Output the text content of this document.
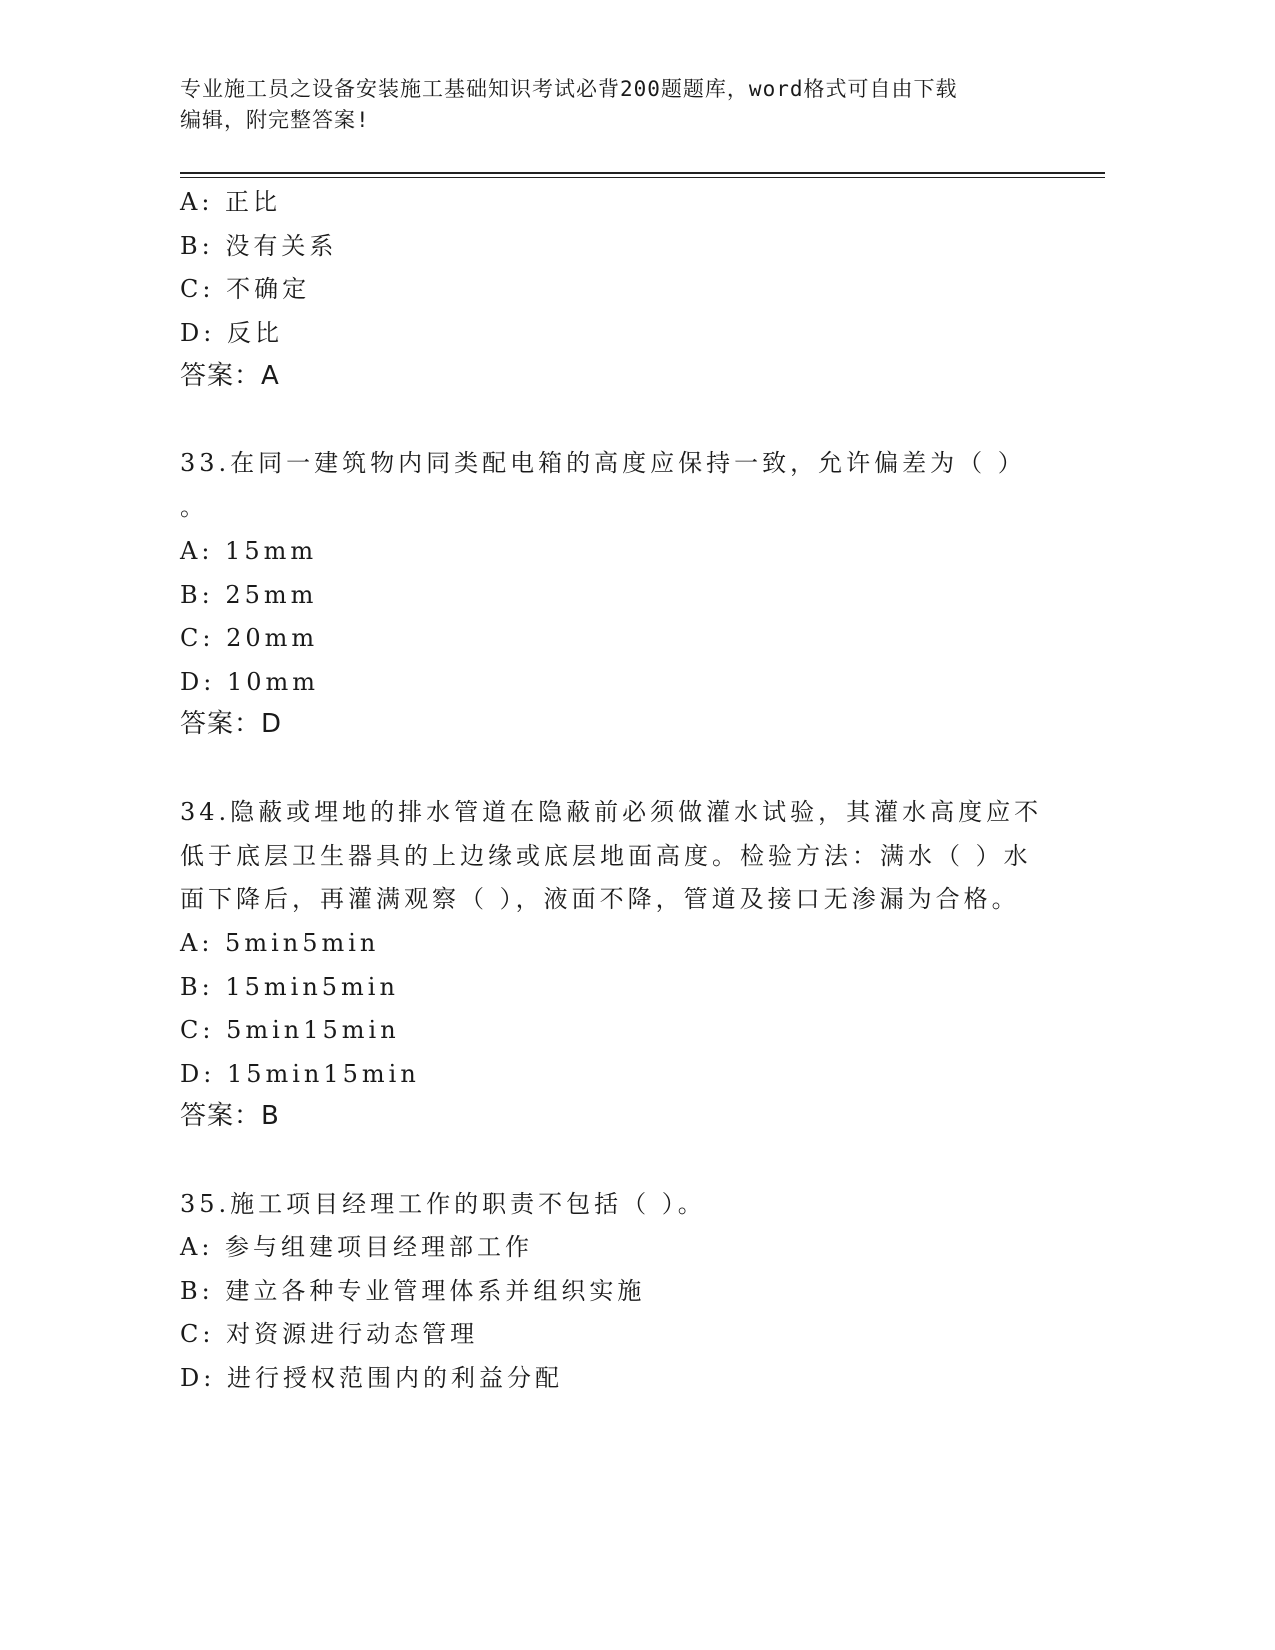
专业施工员之设备安装施工基础知识考试必背200题题库，word格式可自由下载
编辑，附完整答案!
A: 正比
B: 没有关系
C: 不确定
D: 反比
答案：A
33.在同一建筑物内同类配电箱的高度应保持一致，允许偏差为（ ）
。
A: 15mm
B: 25mm
C: 20mm
D: 10mm
答案：D
34.隐蔽或埋地的排水管道在隐蔽前必须做灌水试验，其灌水高度应不
低于底层卫生器具的上边缘或底层地面高度。检验方法：满水（ ）水
面下降后，再灌满观察（ ），液面不降，管道及接口无渗漏为合格。
A: 5min5min
B: 15min5min
C: 5min15min
D: 15min15min
答案：B
35.施工项目经理工作的职责不包括（ ）。
A: 参与组建项目经理部工作
B: 建立各种专业管理体系并组织实施
C: 对资源进行动态管理
D: 进行授权范围内的利益分配
